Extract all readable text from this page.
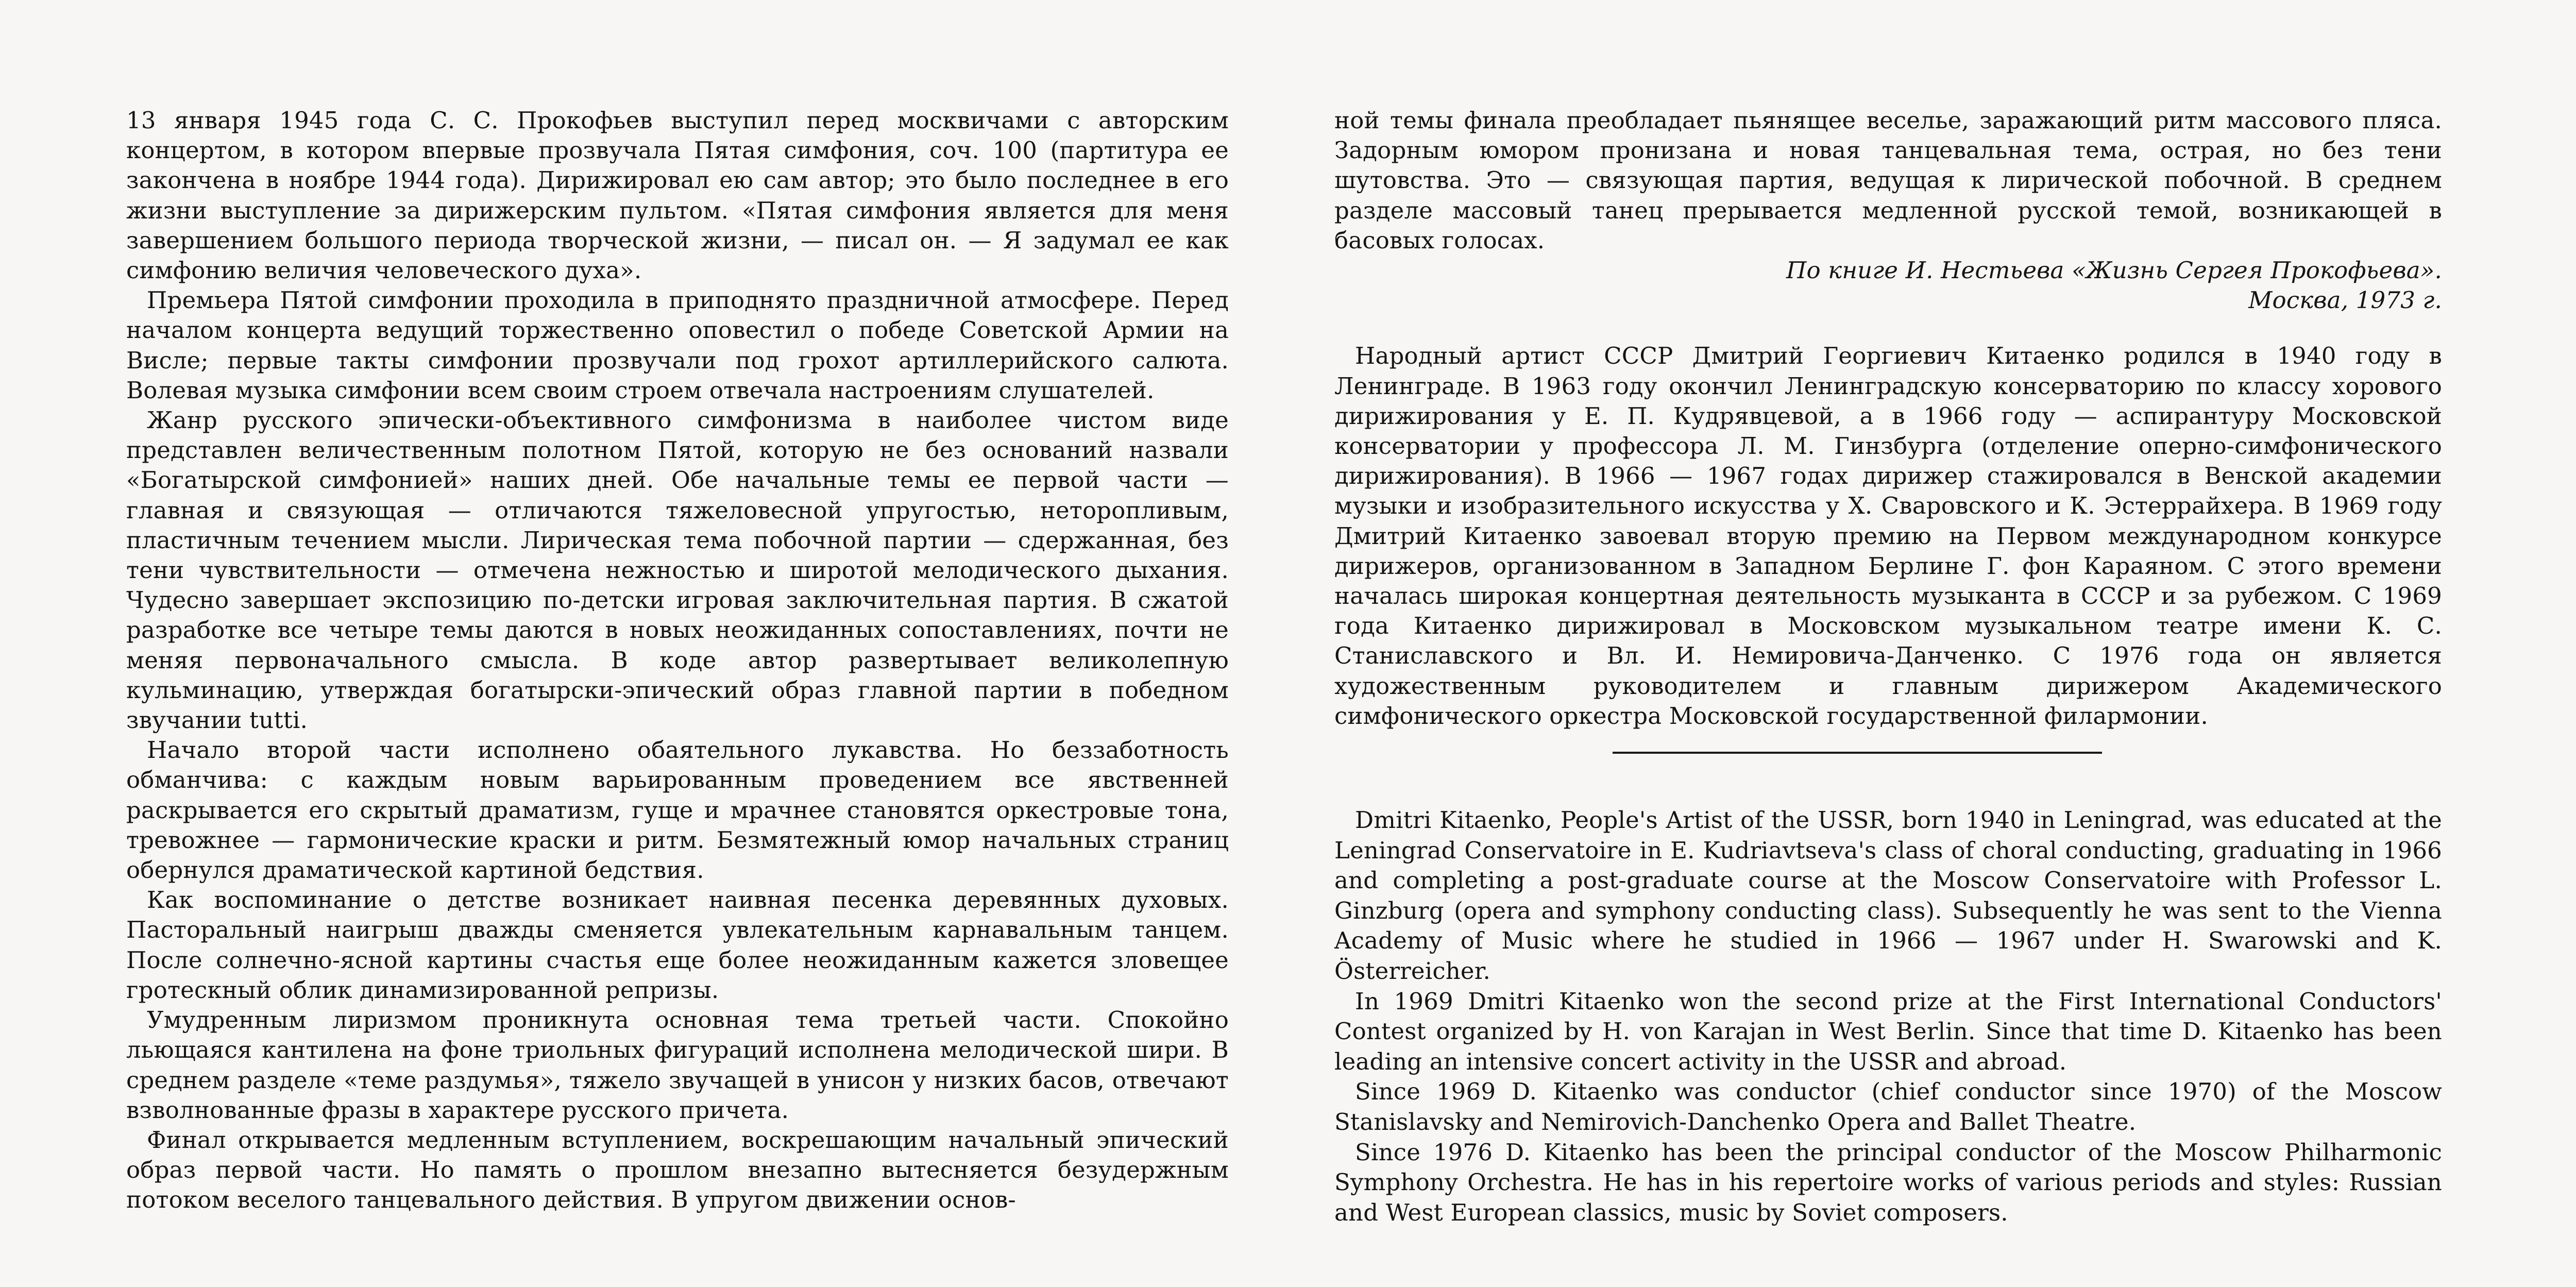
13 января 1945 года С. С. Прокофьев выступил перед москвичами с авторским концертом, в котором впервые прозвучала Пятая симфония, соч. 100 (партитура ее закончена в ноябре 1944 года). Дирижировал ею сам автор; это было последнее в его жизни выступление за дирижерским пультом. «Пятая симфония является для меня завершением большого периода творческой жизни, — писал он. — Я задумал ее как симфонию величия человеческого духа».

Премьера Пятой симфонии проходила в приподнято праздничной атмосфере. Перед началом концерта ведущий торжественно оповестил о победе Советской Армии на Висле; первые такты симфонии прозвучали под грохот артиллерийского салюта. Волевая музыка симфонии всем своим строем отвечала настроениям слушателей.

Жанр русского эпически-объективного симфонизма в наиболее чистом виде представлен величественным полотном Пятой, которую не без оснований назвали «Богатырской симфонией» наших дней. Обе начальные темы ее первой части — главная и связующая — отличаются тяжеловесной упругостью, неторопливым, пластичным течением мысли. Лирическая тема побочной партии — сдержанная, без тени чувствительности — отмечена нежностью и широтой мелодического дыхания. Чудесно завершает экспозицию по-детски игровая заключительная партия. В сжатой разработке все четыре темы даются в новых неожиданных сопоставлениях, почти не меняя первоначального смысла. В коде автор развертывает великолепную кульминацию, утверждая богатырски-эпический образ главной партии в победном звучании tutti.

Начало второй части исполнено обаятельного лукавства. Но беззаботность обманчива: с каждым новым варьированным проведением все явственней раскрывается его скрытый драматизм, гуще и мрачнее становятся оркестровые тона, тревожнее — гармонические краски и ритм. Безмятежный юмор начальных страниц обернулся драматической картиной бедствия.

Как воспоминание о детстве возникает наивная песенка деревянных духовых. Пасторальный наигрыш дважды сменяется увлекательным карнавальным танцем. После солнечно-ясной картины счастья еще более неожиданным кажется зловещее гротескный облик динамизированной репризы.

Умудренным лиризмом проникнута основная тема третьей части. Спокойно льющаяся кантилена на фоне триольных фигураций исполнена мелодической шири. В среднем разделе «теме раздумья», тяжело звучащей в унисон у низких басов, отвечают взволнованные фразы в характере русского причета.

Финал открывается медленным вступлением, воскрешающим начальный эпический образ первой части. Но память о прошлом внезапно вытесняется безудержным потоком веселого танцевального действия. В упругом движении основ-

ной темы финала преобладает пьянящее веселье, заражающий ритм массового пляса. Задорным юмором пронизана и новая танцевальная тема, острая, но без тени шутовства. Это — связующая партия, ведущая к лирической побочной. В среднем разделе массовый танец прерывается медленной русской темой, возникающей в басовых голосах.

По книге И. Нестьева «Жизнь Сергея Прокофьева».

Москва, 1973 г.

Народный артист СССР Дмитрий Георгиевич Китаенко родился в 1940 году в Ленинграде. В 1963 году окончил Ленинградскую консерваторию по классу хорового дирижирования у Е. П. Кудрявцевой, а в 1966 году — аспирантуру Московской консерватории у профессора Л. М. Гинзбурга (отделение оперно-симфонического дирижирования). В 1966 — 1967 годах дирижер стажировался в Венской академии музыки и изобразительного искусства у Х. Сваровского и К. Эстеррайхера. В 1969 году Дмитрий Китаенко завоевал вторую премию на Первом международном конкурсе дирижеров, организованном в Западном Берлине Г. фон Караяном. С этого времени началась широкая концертная деятельность музыканта в СССР и за рубежом. С 1969 года Китаенко дирижировал в Московском музыкальном театре имени К. С. Станиславского и Вл. И. Немировича-Данченко. С 1976 года он является художественным руководителем и главным дирижером Академического симфонического оркестра Московской государственной филармонии.

Dmitri Kitaenko, People's Artist of the USSR, born 1940 in Leningrad, was educated at the Leningrad Conservatoire in E. Kudriavtseva's class of choral conducting, graduating in 1966 and completing a post-graduate course at the Moscow Conservatoire with Professor L. Ginzburg (opera and symphony conducting class). Subsequently he was sent to the Vienna Academy of Music where he studied in 1966 — 1967 under H. Swarowski and K. Österreicher.

In 1969 Dmitri Kitaenko won the second prize at the First International Conductors' Contest organized by H. von Karajan in West Berlin. Since that time D. Kitaenko has been leading an intensive concert activity in the USSR and abroad.

Since 1969 D. Kitaenko was conductor (chief conductor since 1970) of the Moscow Stanislavsky and Nemirovich-Danchenko Opera and Ballet Theatre.

Since 1976 D. Kitaenko has been the principal conductor of the Moscow Philharmonic Symphony Orchestra. He has in his repertoire works of various periods and styles: Russian and West European classics, music by Soviet composers.
